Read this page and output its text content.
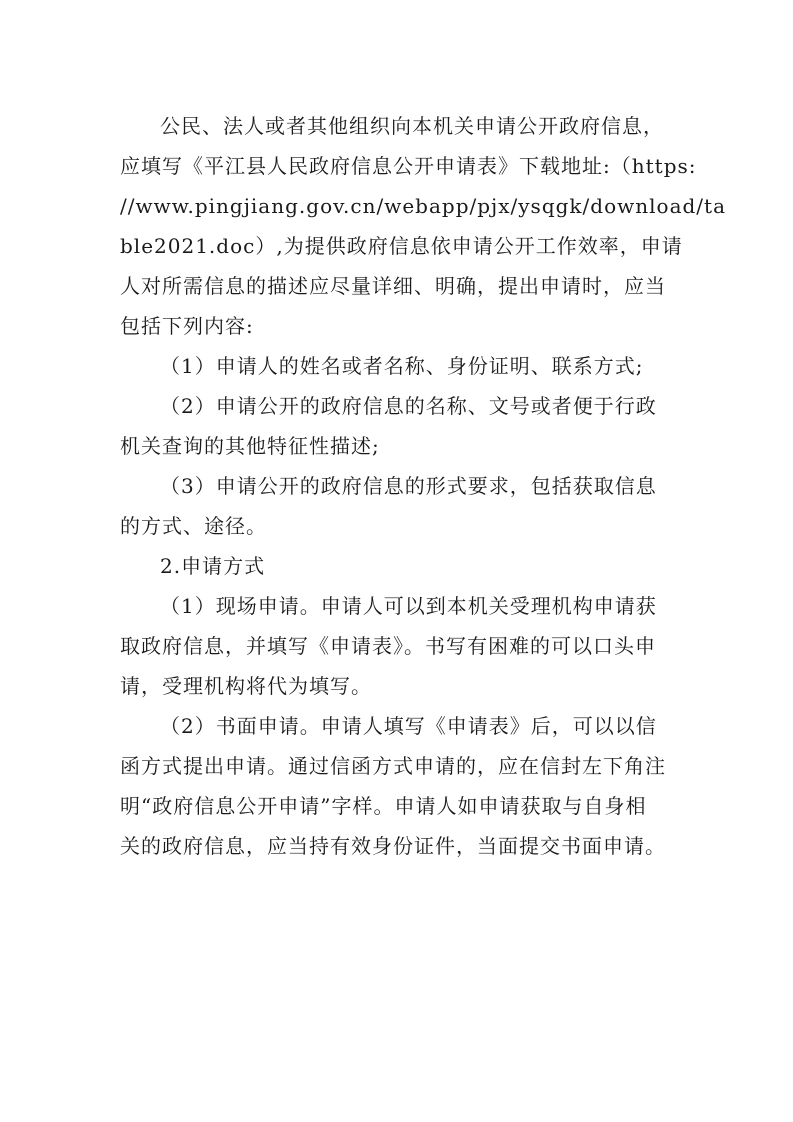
公民、法人或者其他组织向本机关申请公开政府信息，
应填写《平江县人民政府信息公开申请表》下载地址:（https:
//www.pingjiang.gov.cn/webapp/pjx/ysqgk/download/ta
ble2021.doc）,为提供政府信息依申请公开工作效率，申请
人对所需信息的描述应尽量详细、明确，提出申请时，应当
包括下列内容:

（1）申请人的姓名或者名称、身份证明、联系方式;

（2）申请公开的政府信息的名称、文号或者便于行政
机关查询的其他特征性描述;

（3）申请公开的政府信息的形式要求，包括获取信息
的方式、途径。

2.申请方式

（1）现场申请。申请人可以到本机关受理机构申请获
取政府信息，并填写《申请表》。书写有困难的可以口头申
请，受理机构将代为填写。

（2）书面申请。申请人填写《申请表》后，可以以信
函方式提出申请。通过信函方式申请的，应在信封左下角注
明“政府信息公开申请”字样。申请人如申请获取与自身相
关的政府信息，应当持有效身份证件，当面提交书面申请。
